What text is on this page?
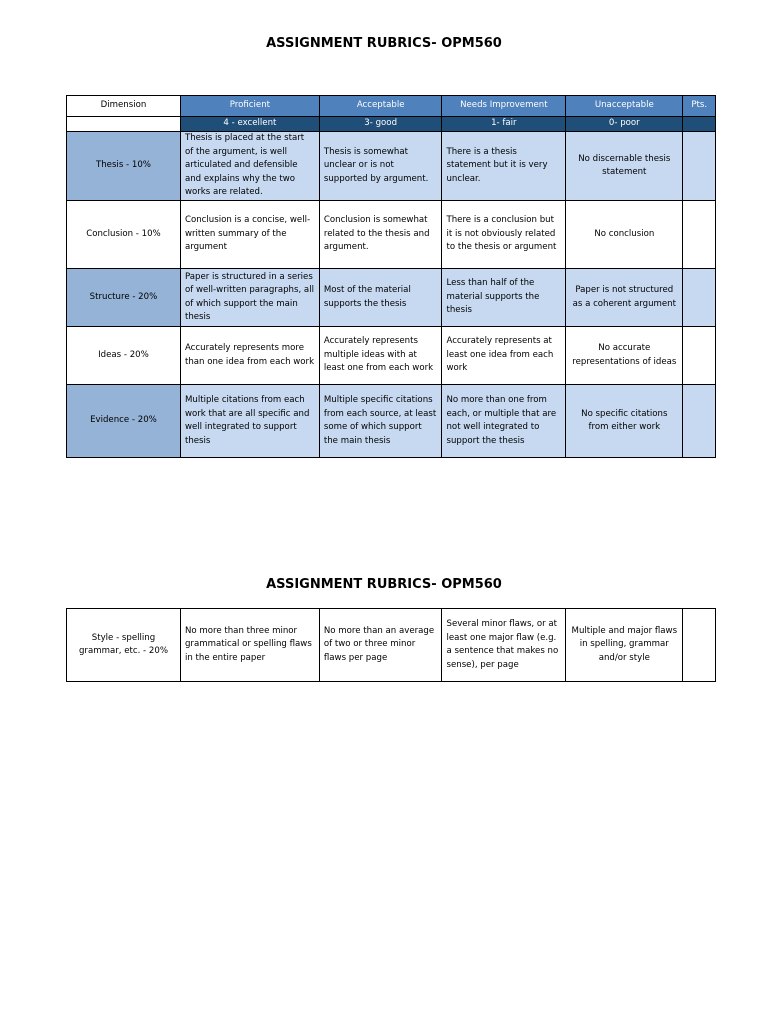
ASSIGNMENT RUBRICS- OPM560
Dimension	Proficient	Acceptable	Needs Improvement	Unacceptable	Pts.
	4 - excellent	3- good	1- fair	0- poor	
Thesis - 10%	Thesis is placed at the start of the argument, is well articulated and defensible and explains why the two works are related.	Thesis is somewhat unclear or is not supported by argument.	There is a thesis statement but it is very unclear.	No discernable thesis statement	
Conclusion - 10%	Conclusion is a concise, well-written summary of the argument	Conclusion is somewhat related to the thesis and argument.	There is a conclusion but it is not obviously related to the thesis or argument	No conclusion	
Structure - 20%	Paper is structured in a series of well-written paragraphs, all of which support the main thesis	Most of the material supports the thesis	Less than half of the material supports the thesis	Paper is not structured as a coherent argument	
Ideas - 20%	Accurately represents more than one idea from each work	Accurately represents multiple ideas with at least one from each work	Accurately represents at least one idea from each work	No accurate representations of ideas	
Evidence - 20%	Multiple citations from each work that are all specific and well integrated to support thesis	Multiple specific citations from each source, at least some of which support the main thesis	No more than one from each, or multiple that are not well integrated to support the thesis	No specific citations from either work	
ASSIGNMENT RUBRICS- OPM560
Style - spelling grammar, etc. - 20%	No more than three minor grammatical or spelling flaws in the entire paper	No more than an average of two or three minor flaws per page	Several minor flaws, or at least one major flaw (e.g. a sentence that makes no sense), per page	Multiple and major flaws in spelling, grammar and/or style	
